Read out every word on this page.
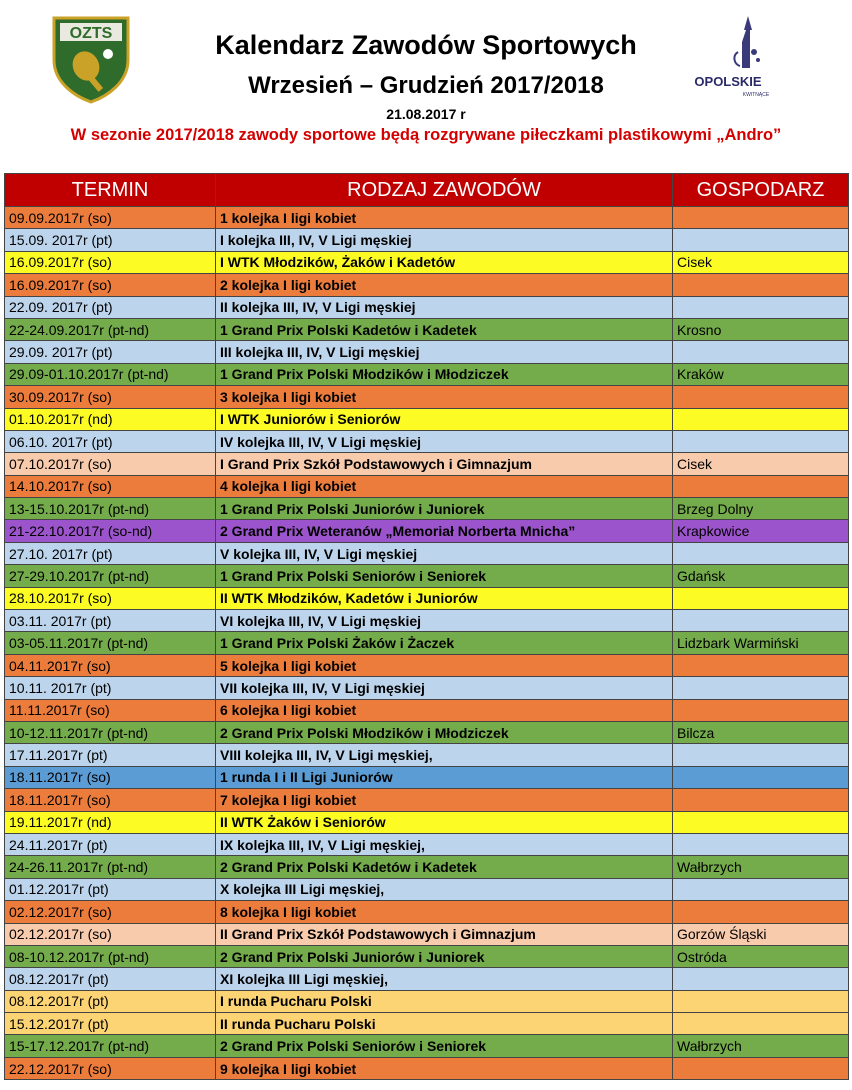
OZTS
OPOLSKIE
KWITNĄCE
Kalendarz Zawodów Sportowych
Wrzesień – Grudzień 2017/2018
21.08.2017 r
W sezonie 2017/2018 zawody sportowe będą rozgrywane piłeczkami plastikowymi „Andro”
TERMIN	RODZAJ ZAWODÓW	GOSPODARZ
09.09.2017r (so)	1 kolejka I ligi kobiet	
15.09. 2017r (pt)	I kolejka III, IV, V Ligi męskiej	
16.09.2017r (so)	I WTK Młodzików, Żaków i Kadetów	Cisek
16.09.2017r (so)	2 kolejka I ligi kobiet	
22.09. 2017r (pt)	II kolejka III, IV, V Ligi męskiej	
22-24.09.2017r (pt-nd)	1 Grand Prix Polski Kadetów i Kadetek	Krosno
29.09. 2017r (pt)	III kolejka III, IV, V Ligi męskiej	
29.09-01.10.2017r (pt-nd)	1 Grand Prix Polski Młodzików i Młodziczek	Kraków
30.09.2017r (so)	3 kolejka I ligi kobiet	
01.10.2017r (nd)	I WTK Juniorów i Seniorów	
06.10. 2017r (pt)	IV kolejka III, IV, V Ligi męskiej	
07.10.2017r (so)	I Grand Prix Szkół Podstawowych i Gimnazjum	Cisek
14.10.2017r (so)	4 kolejka I ligi kobiet	
13-15.10.2017r (pt-nd)	1 Grand Prix Polski Juniorów i Juniorek	Brzeg Dolny
21-22.10.2017r (so-nd)	2 Grand Prix Weteranów „Memoriał Norberta Mnicha”	Krapkowice
27.10. 2017r (pt)	V kolejka III, IV, V Ligi męskiej	
27-29.10.2017r (pt-nd)	1 Grand Prix Polski Seniorów i Seniorek	Gdańsk
28.10.2017r (so)	II WTK Młodzików, Kadetów i Juniorów	
03.11. 2017r (pt)	VI kolejka III, IV, V Ligi męskiej	
03-05.11.2017r (pt-nd)	1 Grand Prix Polski Żaków i Żaczek	Lidzbark Warmiński
04.11.2017r (so)	5 kolejka I ligi kobiet	
10.11. 2017r (pt)	VII kolejka III, IV, V Ligi męskiej	
11.11.2017r (so)	6 kolejka I ligi kobiet	
10-12.11.2017r (pt-nd)	2 Grand Prix Polski Młodzików i Młodziczek	Bilcza
17.11.2017r (pt)	VIII kolejka III, IV, V Ligi męskiej,	
18.11.2017r (so)	1 runda I i II Ligi Juniorów	
18.11.2017r (so)	7 kolejka I ligi kobiet	
19.11.2017r (nd)	II WTK Żaków i Seniorów	
24.11.2017r (pt)	IX kolejka III, IV, V Ligi męskiej,	
24-26.11.2017r (pt-nd)	2 Grand Prix Polski Kadetów i Kadetek	Wałbrzych
01.12.2017r (pt)	X kolejka III Ligi męskiej,	
02.12.2017r (so)	8 kolejka I ligi kobiet	
02.12.2017r (so)	II Grand Prix Szkół Podstawowych i Gimnazjum	Gorzów Śląski
08-10.12.2017r (pt-nd)	2 Grand Prix Polski Juniorów i Juniorek	Ostróda
08.12.2017r (pt)	XI kolejka III Ligi męskiej,	
08.12.2017r (pt)	I runda Pucharu Polski	
15.12.2017r (pt)	II runda Pucharu Polski	
15-17.12.2017r (pt-nd)	2 Grand Prix Polski Seniorów i Seniorek	Wałbrzych
22.12.2017r (so)	9 kolejka I ligi kobiet	
